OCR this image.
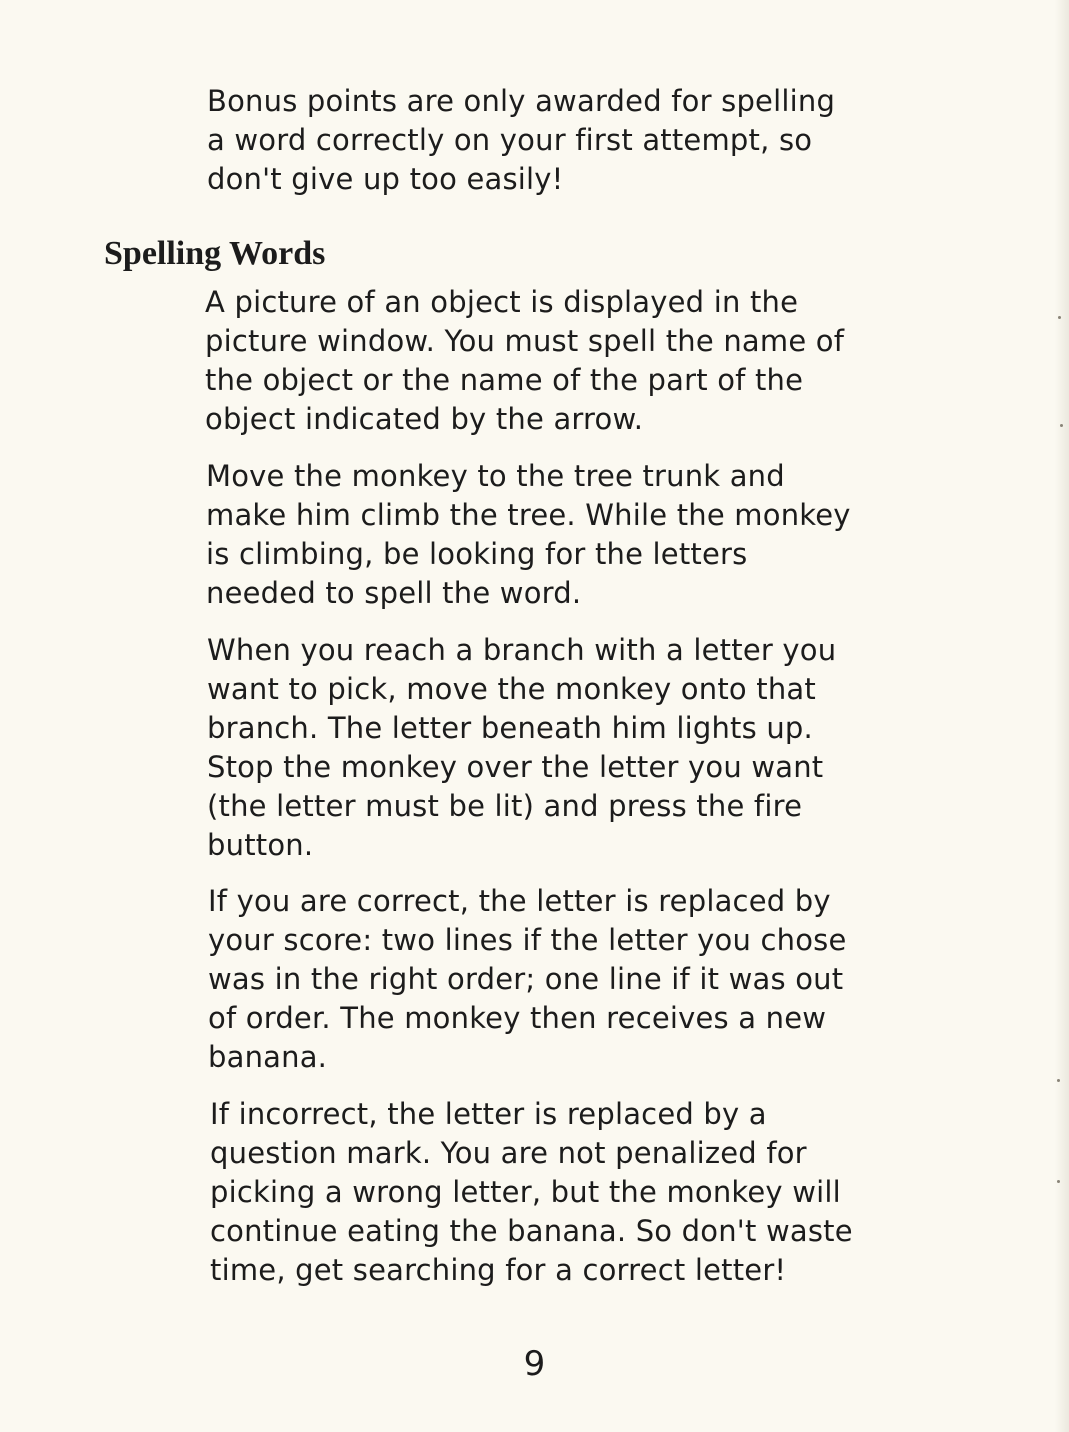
Bonus points are only awarded for spelling
a word correctly on your first attempt, so
don't give up too easily!

Spelling Words

A picture of an object is displayed in the
picture window. You must spell the name of
the object or the name of the part of the
object indicated by the arrow.

Move the monkey to the tree trunk and
make him climb the tree. While the monkey
is climbing, be looking for the letters
needed to spell the word.

When you reach a branch with a letter you
want to pick, move the monkey onto that
branch. The letter beneath him lights up.
Stop the monkey over the letter you want
(the letter must be lit) and press the fire
button.

If you are correct, the letter is replaced by
your score: two lines if the letter you chose
was in the right order; one line if it was out
of order. The monkey then receives a new
banana.

If incorrect, the letter is replaced by a
question mark. You are not penalized for
picking a wrong letter, but the monkey will
continue eating the banana. So don't waste
time, get searching for a correct letter!

9
